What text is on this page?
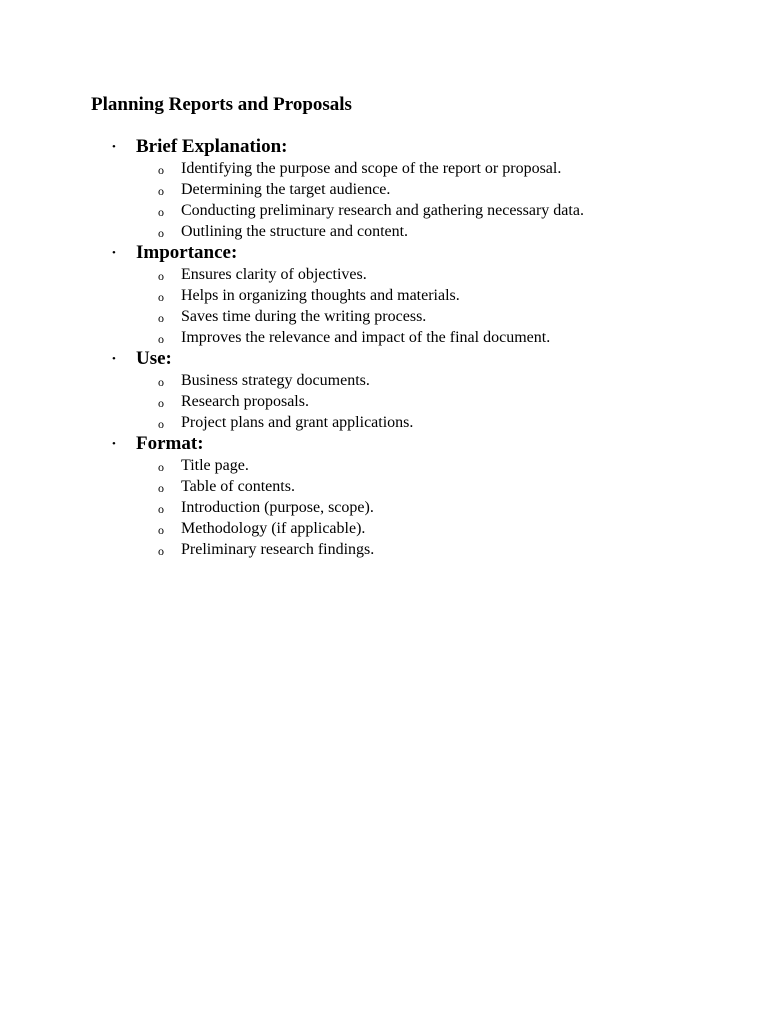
Planning Reports and Proposals
• Brief Explanation:
o Identifying the purpose and scope of the report or proposal.
o Determining the target audience.
o Conducting preliminary research and gathering necessary data.
o Outlining the structure and content.
• Importance:
o Ensures clarity of objectives.
o Helps in organizing thoughts and materials.
o Saves time during the writing process.
o Improves the relevance and impact of the final document.
• Use:
o Business strategy documents.
o Research proposals.
o Project plans and grant applications.
• Format:
o Title page.
o Table of contents.
o Introduction (purpose, scope).
o Methodology (if applicable).
o Preliminary research findings.
